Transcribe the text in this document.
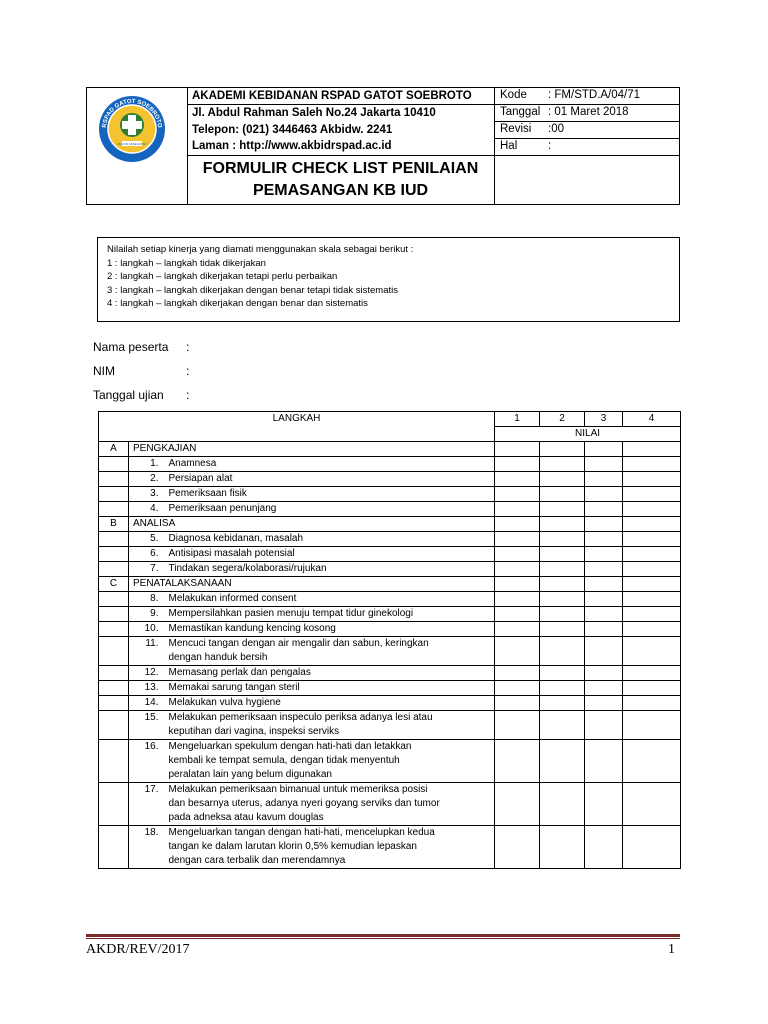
RSPAD GATOT SOEBROTO
MAJOR KESEHATAN
AKADEMI KEBIDANAN RSPAD GATOT SOEBROTO
Jl. Abdul Rahman Saleh No.24 Jakarta 10410
Telepon: (021) 3446463 Akbidw. 2241
Laman : http://www.akbidrspad.ac.id
FORMULIR CHECK LIST PENILAIAN
PEMASANGAN KB IUD
Kode : FM/STD.A/04/71
Tanggal : 01 Maret 2018
Revisi :00
Hal	:
Nilailah setiap kinerja yang diamati menggunakan skala sebagai berikut :
1 : langkah – langkah tidak dikerjakan
2 : langkah – langkah dikerjakan tetapi perlu perbaikan
3 : langkah – langkah dikerjakan dengan benar tetapi tidak sistematis
4 : langkah – langkah dikerjakan dengan benar dan sistematis
Nama peserta :
NIM	:
Tanggal ujian :
LANGKAH			1	2	3	4
			NILAI			
A	PENGKAJIAN					
	1.	Anamnesa				

	2.	Persiapan alat				

	3.	Pemeriksaan fisik				

	4.	Pemeriksaan penunjang				

B	ANALISA					
	5.	Diagnosa kebidanan, masalah				

	6.	Antisipasi masalah potensial				

	7.	Tindakan segera/kolaborasi/rujukan				

C	PENATALAKSANAAN					
	8.	Melakukan informed consent				

	9.	Mempersilahkan pasien menuju tempat tidur ginekologi				

	10.	Memastikan kandung kencing kosong				

	11.	Mencuci tangan dengan air mengalir dan sabun, keringkan
dengan handuk bersih				

	12.	Memasang perlak dan pengalas				

	13.	Memakai sarung tangan steril				

	14.	Melakukan vulva hygiene				

	15.	Melakukan pemeriksaan inspeculo periksa adanya lesi atau
keputihan dari vagina, inspeksi serviks				

	16.	Mengeluarkan spekulum dengan hati-hati dan letakkan
kembali ke tempat semula, dengan tidak menyentuh
peralatan lain yang belum digunakan				

	17.	Melakukan pemeriksaan bimanual untuk memeriksa posisi
dan besarnya uterus, adanya nyeri goyang serviks dan tumor
pada adneksa atau kavum douglas				

	18.	Mengeluarkan tangan dengan hati-hati, mencelupkan kedua
tangan ke dalam larutan klorin 0,5% kemudian lepaskan
dengan cara terbalik dan merendamnya				

AKDR/REV/2017	1
